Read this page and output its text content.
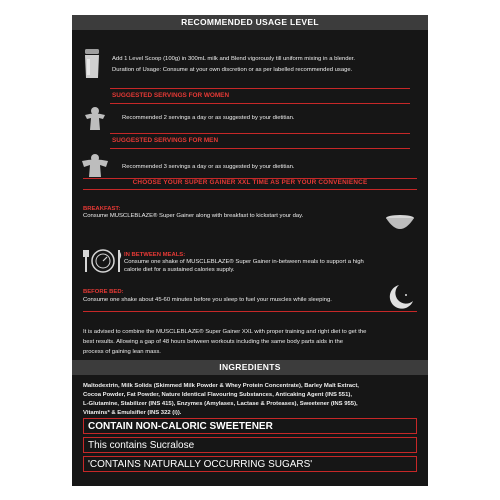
RECOMMENDED USAGE LEVEL
Add 1 Level Scoop (100g) in 300mL milk and Blend vigorously till uniform mixing in a blender.
Duration of Usage: Consume at your own discretion or as per labelled recommended usage.
SUGGESTED SERVINGS FOR WOMEN
Recommended 2 servings a day or as suggested by your dietitian.
SUGGESTED SERVINGS FOR MEN
Recommended 3 servings a day or as suggested by your dietitian.
CHOOSE YOUR SUPER GAINER XXL TIME AS PER YOUR CONVENIENCE
BREAKFAST:
Consume MUSCLEBLAZE® Super Gainer along with breakfast to kickstart your day.
IN BETWEEN MEALS:
Consume one shake of MUSCLEBLAZE® Super Gainer in-between meals to support a high
calorie diet for a sustained calories supply.
BEFORE BED:
Consume one shake about 45-60 minutes before you sleep to fuel your muscles while sleeping.
It is advised to combine the MUSCLEBLAZE® Super Gainer XXL with proper training and right diet to get the
best results. Allowing a gap of 48 hours between workouts including the same body parts aids in the
process of gaining lean mass.
INGREDIENTS
Maltodextrin, Milk Solids (Skimmed Milk Powder & Whey Protein Concentrate), Barley Malt Extract,
Cocoa Powder, Fat Powder, Nature Identical Flavouring Substances, Anticaking Agent (INS 551),
L-Glutamine, Stabilizer (INS 415), Enzymes (Amylases, Lactase & Proteases), Sweetener (INS 955),
Vitamins* & Emulsifier (INS 322 (i)).
CONTAIN NON-CALORIC SWEETENER
This contains Sucralose
'CONTAINS NATURALLY OCCURRING SUGARS'
